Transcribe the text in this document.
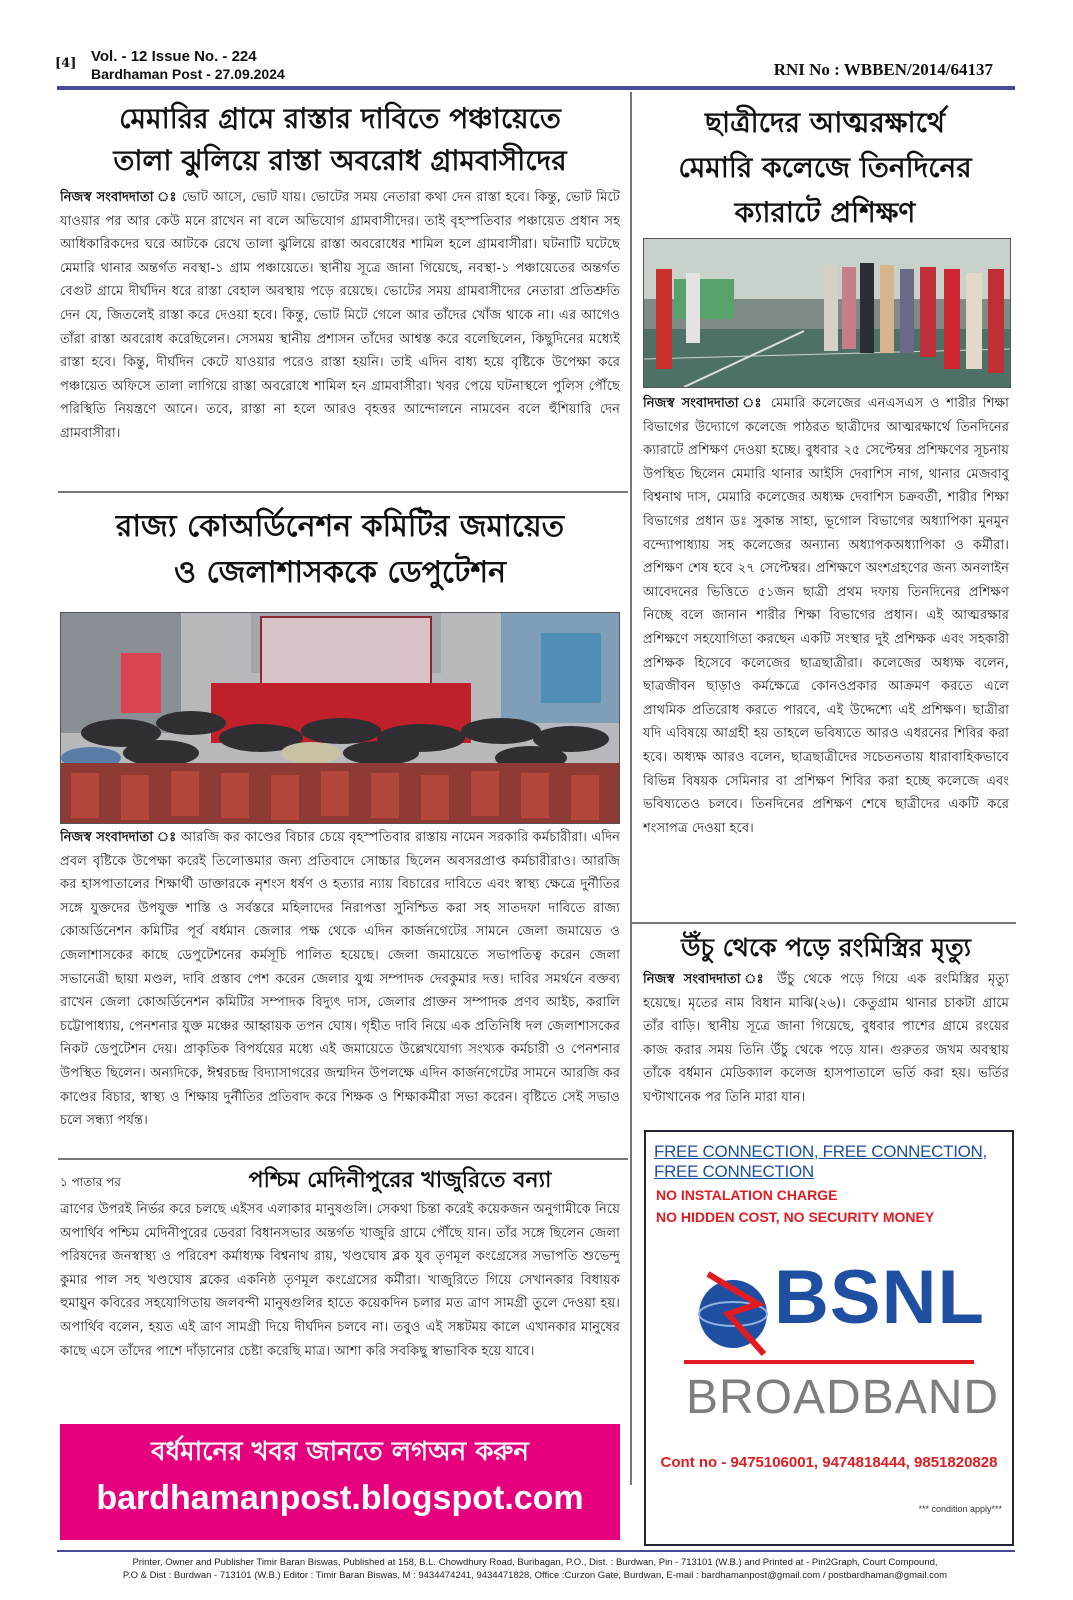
[4] Vol. - 12 Issue No. - 224
Bardhaman Post - 27.09.2024	RNI No : WBBEN/2014/64137
মেমারির গ্রামে রাস্তার দাবিতে পঞ্চায়েতে
তালা ঝুলিয়ে রাস্তা অবরোধ গ্রামবাসীদের
নিজস্ব সংবাদদাতা ঃ ভোট আসে, ভোট যায়। ভোটের সময় নেতারা কথা দেন রাস্তা হবে। কিন্তু, ভোট মিটে যাওয়ার পর আর কেউ মনে রাখেন না বলে অভিযোগ গ্রামবাসীদের। তাই বৃহস্পতিবার পঞ্চায়েত প্রধান সহ আধিকারিকদের ঘরে আটকে রেখে তালা ঝুলিয়ে রাস্তা অবরোধের শামিল হলে গ্রামবাসীরা। ঘটনাটি ঘটেছে মেমারি থানার অন্তর্গত নবস্থা-১ গ্রাম পঞ্চায়েতে। স্থানীয় সূত্রে জানা গিয়েছে, নবস্থা-১ পঞ্চায়েতের অন্তর্গত বেগুট গ্রামে দীর্ঘদিন ধরে রাস্তা বেহাল অবস্থায় পড়ে রয়েছে। ভোটের সময় গ্রামবাসীদের নেতারা প্রতিশ্রুতি দেন যে, জিতলেই রাস্তা করে দেওয়া হবে। কিন্তু, ভোট মিটে গেলে আর তাঁদের খোঁজ থাকে না। এর আগেও তাঁরা রাস্তা অবরোধ করেছিলেন। সেসময় স্থানীয় প্রশাসন তাঁদের আশ্বস্ত করে বলেছিলেন, কিছুদিনের মধ্যেই রাস্তা হবে। কিন্তু, দীর্ঘদিন কেটে যাওয়ার পরেও রাস্তা হয়নি। তাই এদিন বাধ্য হয়ে বৃষ্টিকে উপেক্ষা করে পঞ্চায়েত অফিসে তালা লাগিয়ে রাস্তা অবরোধে শামিল হন গ্রামবাসীরা। খবর পেয়ে ঘটনাস্থলে পুলিস পৌঁছে পরিস্থিতি নিয়ন্ত্রণে আনে। তবে, রাস্তা না হলে আরও বৃহত্তর আন্দোলনে নামবেন বলে হুঁশিয়ারি দেন গ্রামবাসীরা।
রাজ্য কোঅর্ডিনেশন কমিটির জমায়েত
ও জেলাশাসককে ডেপুটেশন
নিজস্ব সংবাদদাতা ঃ আরজি কর কাণ্ডের বিচার চেয়ে বৃহস্পতিবার রাস্তায় নামেন সরকারি কর্মচারীরা। এদিন প্রবল বৃষ্টিকে উপেক্ষা করেই তিলোত্তমার জন্য প্রতিবাদে সোচ্চার ছিলেন অবসরপ্রাপ্ত কর্মচারীরাও। আরজি কর হাসপাতালের শিক্ষার্থী ডাক্তারকে নৃশংস ধর্ষণ ও হত্যার ন্যায় বিচারের দাবিতে এবং স্বাস্থ্য ক্ষেত্রে দুর্নীতির সঙ্গে যুক্তদের উপযুক্ত শাস্তি ও সর্বস্তরে মহিলাদের নিরাপত্তা সুনিশ্চিত করা সহ সাতদফা দাবিতে রাজ্য কোঅর্ডিনেশন কমিটির পূর্ব বর্ধমান জেলার পক্ষ থেকে এদিন কার্জনগেটের সামনে জেলা জমায়েত ও জেলাশাসকের কাছে ডেপুটেশনের কর্মসূচি পালিত হয়েছে। জেলা জমায়েতে সভাপতিত্ব করেন জেলা সভানেত্রী ছায়া মণ্ডল, দাবি প্রস্তাব পেশ করেন জেলার যুগ্ম সম্পাদক দেবকুমার দত্ত। দাবির সমর্থনে বক্তব্য রাখেন জেলা কোঅর্ডিনেশন কমিটির সম্পাদক বিদ্যুৎ দাস, জেলার প্রাক্তন সম্পাদক প্রণব আইচ, করালি চট্টোপাধ্যায়, পেনশনার যুক্ত মঞ্চের আহ্বায়ক তপন ঘোষ। গৃহীত দাবি নিয়ে এক প্রতিনিধি দল জেলাশাসকের নিকট ডেপুটেশন দেয়। প্রাকৃতিক বিপর্যয়ের মধ্যে এই জমায়েতে উল্লেখযোগ্য সংখ্যক কর্মচারী ও পেনশনার উপস্থিত ছিলেন। অন্যদিকে, ঈশ্বরচন্দ্র বিদ্যাসাগরের জন্মদিন উপলক্ষে এদিন কার্জনগেটের সামনে আরজি কর কাণ্ডের বিচার, স্বাস্থ্য ও শিক্ষায় দুর্নীতির প্রতিবাদ করে শিক্ষক ও শিক্ষাকর্মীরা সভা করেন। বৃষ্টিতে সেই সভাও চলে সন্ধ্যা পর্যন্ত।
১ পাতার পর	পশ্চিম মেদিনীপুরের খাজুরিতে বন্যা
ত্রাণের উপরই নির্ভর করে চলছে এইসব এলাকার মানুষগুলি। সেকথা চিন্তা করেই কয়েকজন অনুগামীকে নিয়ে অপার্থিব পশ্চিম মেদিনীপুরের ডেবরা বিধানসভার অন্তর্গত খাজুরি গ্রামে পৌঁছে যান। তাঁর সঙ্গে ছিলেন জেলা পরিষদের জনস্বাস্থ্য ও পরিবেশ কর্মাধ্যক্ষ বিশ্বনাথ রায়, খণ্ডঘোষ ব্লক যুব তৃণমূল কংগ্রেসের সভাপতি শুভেন্দু কুমার পাল সহ খণ্ডঘোষ ব্লকের একনিষ্ঠ তৃণমূল কংগ্রেসের কর্মীরা। খাজুরিতে গিয়ে সেখানকার বিধায়ক হুমায়ুন কবিরের সহযোগিতায় জলবন্দী মানুষগুলির হাতে কয়েকদিন চলার মত ত্রাণ সামগ্রী তুলে দেওয়া হয়। অপার্থিব বলেন, হয়ত এই ত্রাণ সামগ্রী দিয়ে দীর্ঘদিন চলবে না। তবুও এই সঙ্কটময় কালে এখানকার মানুষের কাছে এসে তাঁদের পাশে দাঁড়ানোর চেষ্টা করেছি মাত্র। আশা করি সবকিছু স্বাভাবিক হয়ে যাবে।
বর্ধমানের খবর জানতে লগঅন করুন
bardhamanpost.blogspot.com
ছাত্রীদের আত্মরক্ষার্থে
মেমারি কলেজে তিনদিনের
ক্যারাটে প্রশিক্ষণ
নিজস্ব সংবাদদাতা ঃ মেমারি কলেজের এনএসএস ও শারীর শিক্ষা বিভাগের উদ্যোগে কলেজে পাঠরত ছাত্রীদের আত্মরক্ষার্থে তিনদিনের ক্যারাটে প্রশিক্ষণ দেওয়া হচ্ছে। বুধবার ২৫ সেপ্টেম্বর প্রশিক্ষণের সূচনায় উপস্থিত ছিলেন মেমারি থানার আইসি দেবাশিস নাগ, থানার মেজবাবু বিশ্বনাথ দাস, মেমারি কলেজের অধ্যক্ষ দেবাশিস চক্রবর্তী, শারীর শিক্ষা বিভাগের প্রধান ডঃ সুকান্ত সাহা, ভূগোল বিভাগের অধ্যাপিকা মুনমুন বন্দ্যোপাধ্যায় সহ কলেজের অন্যান্য অধ্যাপকঅধ্যাপিকা ও কর্মীরা। প্রশিক্ষণ শেষ হবে ২৭ সেপ্টেম্বর। প্রশিক্ষণে অংশগ্রহণের জন্য অনলাইন আবেদনের ভিত্তিতে ৫১জন ছাত্রী প্রথম দফায় তিনদিনের প্রশিক্ষণ নিচ্ছে বলে জানান শারীর শিক্ষা বিভাগের প্রধান। এই আত্মরক্ষার প্রশিক্ষণে সহযোগিতা করছেন একটি সংস্থার দুই প্রশিক্ষক এবং সহকারী প্রশিক্ষক হিসেবে কলেজের ছাত্রছাত্রীরা। কলেজের অধ্যক্ষ বলেন, ছাত্রজীবন ছাড়াও কর্মক্ষেত্রে কোনওপ্রকার আক্রমণ করতে এলে প্রাথমিক প্রতিরোধ করতে পারবে, এই উদ্দেশ্যে এই প্রশিক্ষণ। ছাত্রীরা যদি এবিষয়ে আগ্রহী হয় তাহলে ভবিষ্যতে আরও এধরনের শিবির করা হবে। অধ্যক্ষ আরও বলেন, ছাত্রছাত্রীদের সচেতনতায় ধারাবাহিকভাবে বিভিন্ন বিষয়ক সেমিনার বা প্রশিক্ষণ শিবির করা হচ্ছে কলেজে এবং ভবিষ্যতেও চলবে। তিনদিনের প্রশিক্ষণ শেষে ছাত্রীদের একটি করে শংসাপত্র দেওয়া হবে।
উঁচু থেকে পড়ে রংমিস্ত্রির মৃত্যু
নিজস্ব সংবাদদাতা ঃ উঁচু থেকে পড়ে গিয়ে এক রংমিস্ত্রির মৃত্যু হয়েছে। মৃতের নাম বিধান মাঝি(২৬)। কেতুগ্রাম থানার চাকটা গ্রামে তাঁর বাড়ি। স্থানীয় সূত্রে জানা গিয়েছে, বুধবার পাশের গ্রামে রংয়ের কাজ করার সময় তিনি উঁচু থেকে পড়ে যান। গুরুতর জখম অবস্থায় তাঁকে বর্ধমান মেডিক্যাল কলেজ হাসপাতালে ভর্তি করা হয়। ভর্তির ঘণ্টাখানেক পর তিনি মারা যান।
FREE CONNECTION, FREE CONNECTION, FREE CONNECTION
NO INSTALATION CHARGE
NO HIDDEN COST, NO SECURITY MONEY
BSNL
BROADBAND
Cont no - 9475106001, 9474818444, 9851820828
*** condition apply***
Printer, Owner and Publisher Timir Baran Biswas, Published at 158, B.L. Chowdhury Road, Buribagan, P.O., Dist. : Burdwan, Pin - 713101 (W.B.) and Printed at - Pin2Graph, Court Compound,
P.O & Dist : Burdwan - 713101 (W.B.) Editor : Timir Baran Biswas, M : 9434474241, 9434471828, Office :Curzon Gate, Burdwan, E-mail : bardhamanpost@gmail.com / postbardhaman@gmail.com
